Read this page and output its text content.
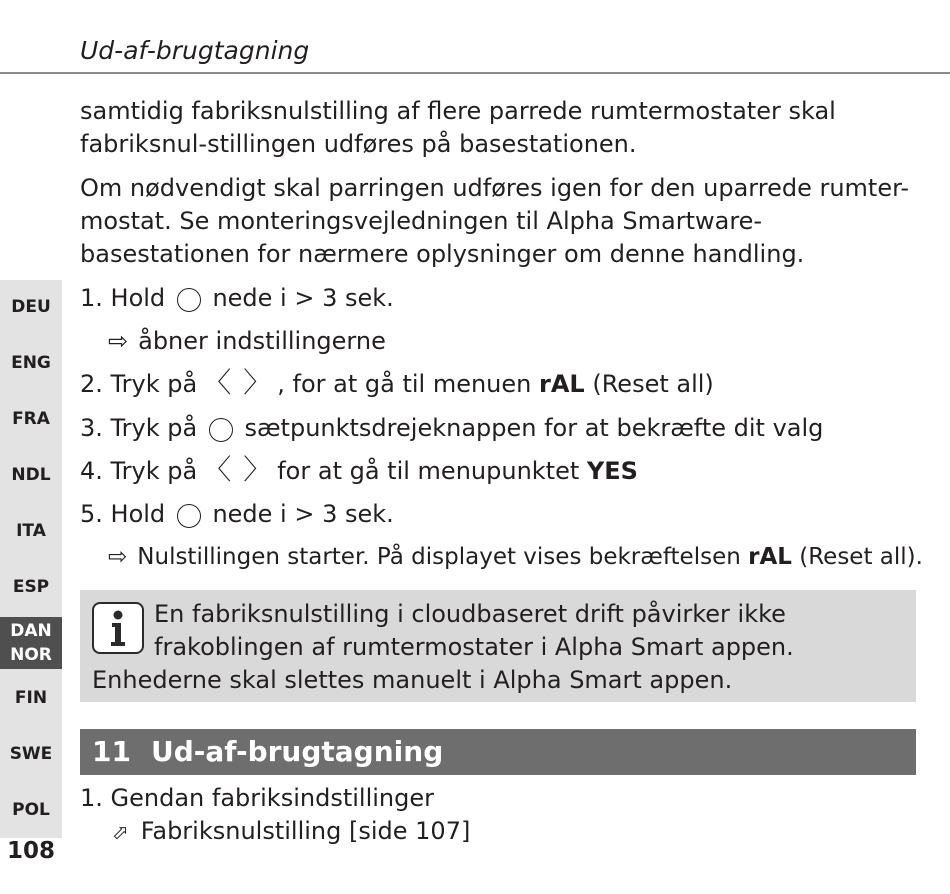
Ud-af-brugtagning

samtidig fabriksnulstilling af flere parrede rumtermostater skal fabriksnul-stillingen udføres på basestationen.

Om nødvendigt skal parringen udføres igen for den uparrede rumter-mostat. Se monteringsvejledningen til Alpha Smartware-basestationen for nærmere oplysninger om denne handling.

DEU
ENG
FRA
NDL
ITA
ESP
DAN
NOR
FIN
SWE
POL
108
1. Hold nede i > 3 sek.
⇨ åbner indstillingerne
2. Tryk på 〈 〉 , for at gå til menuen rAL (Reset all)
3. Tryk på sætpunktsdrejeknappen for at bekræfte dit valg
4. Tryk på 〈 〉 for at gå til menupunktet YES
5. Hold nede i > 3 sek.
⇨ Nulstillingen starter. På displayet vises bekræftelsen rAL (Reset all).
En fabriksnulstilling i cloudbaseret drift påvirker ikke frakoblingen af rumtermostater i Alpha Smart appen. Enhederne skal slettes manuelt i Alpha Smart appen.
11 Ud-af-brugtagning
1. Gendan fabriksindstillinger
⬀ Fabriksnulstilling [side 107]
